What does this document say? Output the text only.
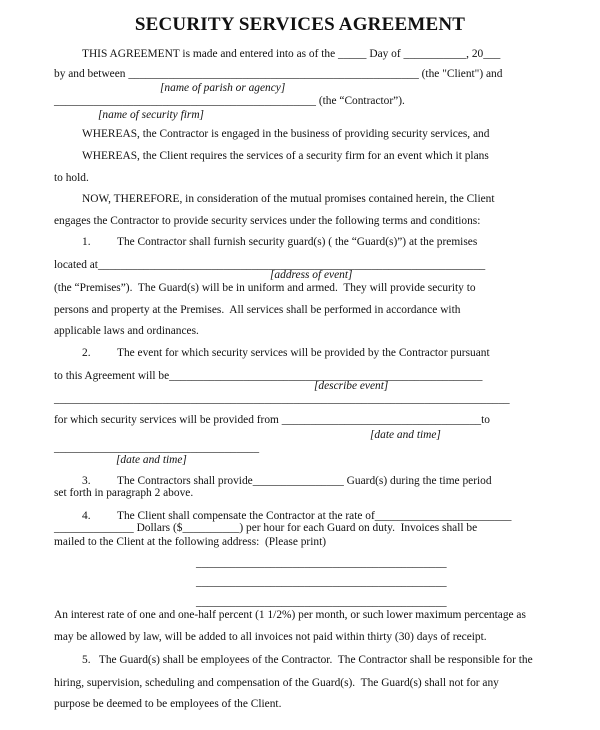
SECURITY SERVICES AGREEMENT
THIS AGREEMENT is made and entered into as of the _____ Day of ___________, 20___
by and between ___________________________________________________ (the "Client") and
[name of parish or agency]
______________________________________________ (the “Contractor”).
[name of security firm]
WHEREAS, the Contractor is engaged in the business of providing security services, and
WHEREAS, the Client requires the services of a security firm for an event which it plans
to hold.
NOW, THEREFORE, in consideration of the mutual promises contained herein, the Client
engages the Contractor to provide security services under the following terms and conditions:
1. The Contractor shall furnish security guard(s) ( the “Guard(s)”) at the premises
located at____________________________________________________________________
[address of event]
(the “Premises”).  The Guard(s) will be in uniform and armed.  They will provide security to
persons and property at the Premises.  All services shall be performed in accordance with
applicable laws and ordinances.
2. The event for which security services will be provided by the Contractor pursuant
to this Agreement will be_______________________________________________________
[describe event]
________________________________________________________________________________
for which security services will be provided from ___________________________________to
[date and time]
____________________________________
[date and time]
3. The Contractors shall provide________________ Guard(s) during the time period
set forth in paragraph 2 above.
4. The Client shall compensate the Contractor at the rate of________________________
______________ Dollars ($__________) per hour for each Guard on duty.  Invoices shall be
mailed to the Client at the following address:  (Please print)
____________________________________________
____________________________________________
____________________________________________
An interest rate of one and one-half percent (1 1/2%) per month, or such lower maximum percentage as
may be allowed by law, will be added to all invoices not paid within thirty (30) days of receipt.
5.   The Guard(s) shall be employees of the Contractor.  The Contractor shall be responsible for the
hiring, supervision, scheduling and compensation of the Guard(s).  The Guard(s) shall not for any
purpose be deemed to be employees of the Client.
